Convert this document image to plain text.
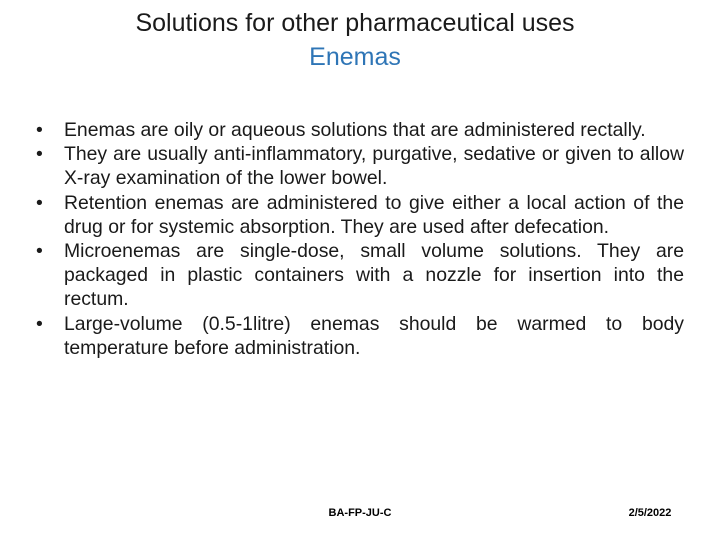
Solutions for other pharmaceutical uses
Enemas
•	Enemas are oily or aqueous solutions that are administered rectally.
•	They are usually anti-inflammatory, purgative, sedative or given to allow X-ray examination of the lower bowel.
•	Retention enemas are administered to give either a local action of the drug or for systemic absorption. They are used after defecation.
•	Microenemas are single-dose, small volume solutions. They are packaged in plastic containers with a nozzle for insertion into the rectum.
•	Large-volume (0.5-1litre) enemas should be warmed to body temperature before administration.
BA-FP-JU-C	2/5/2022
